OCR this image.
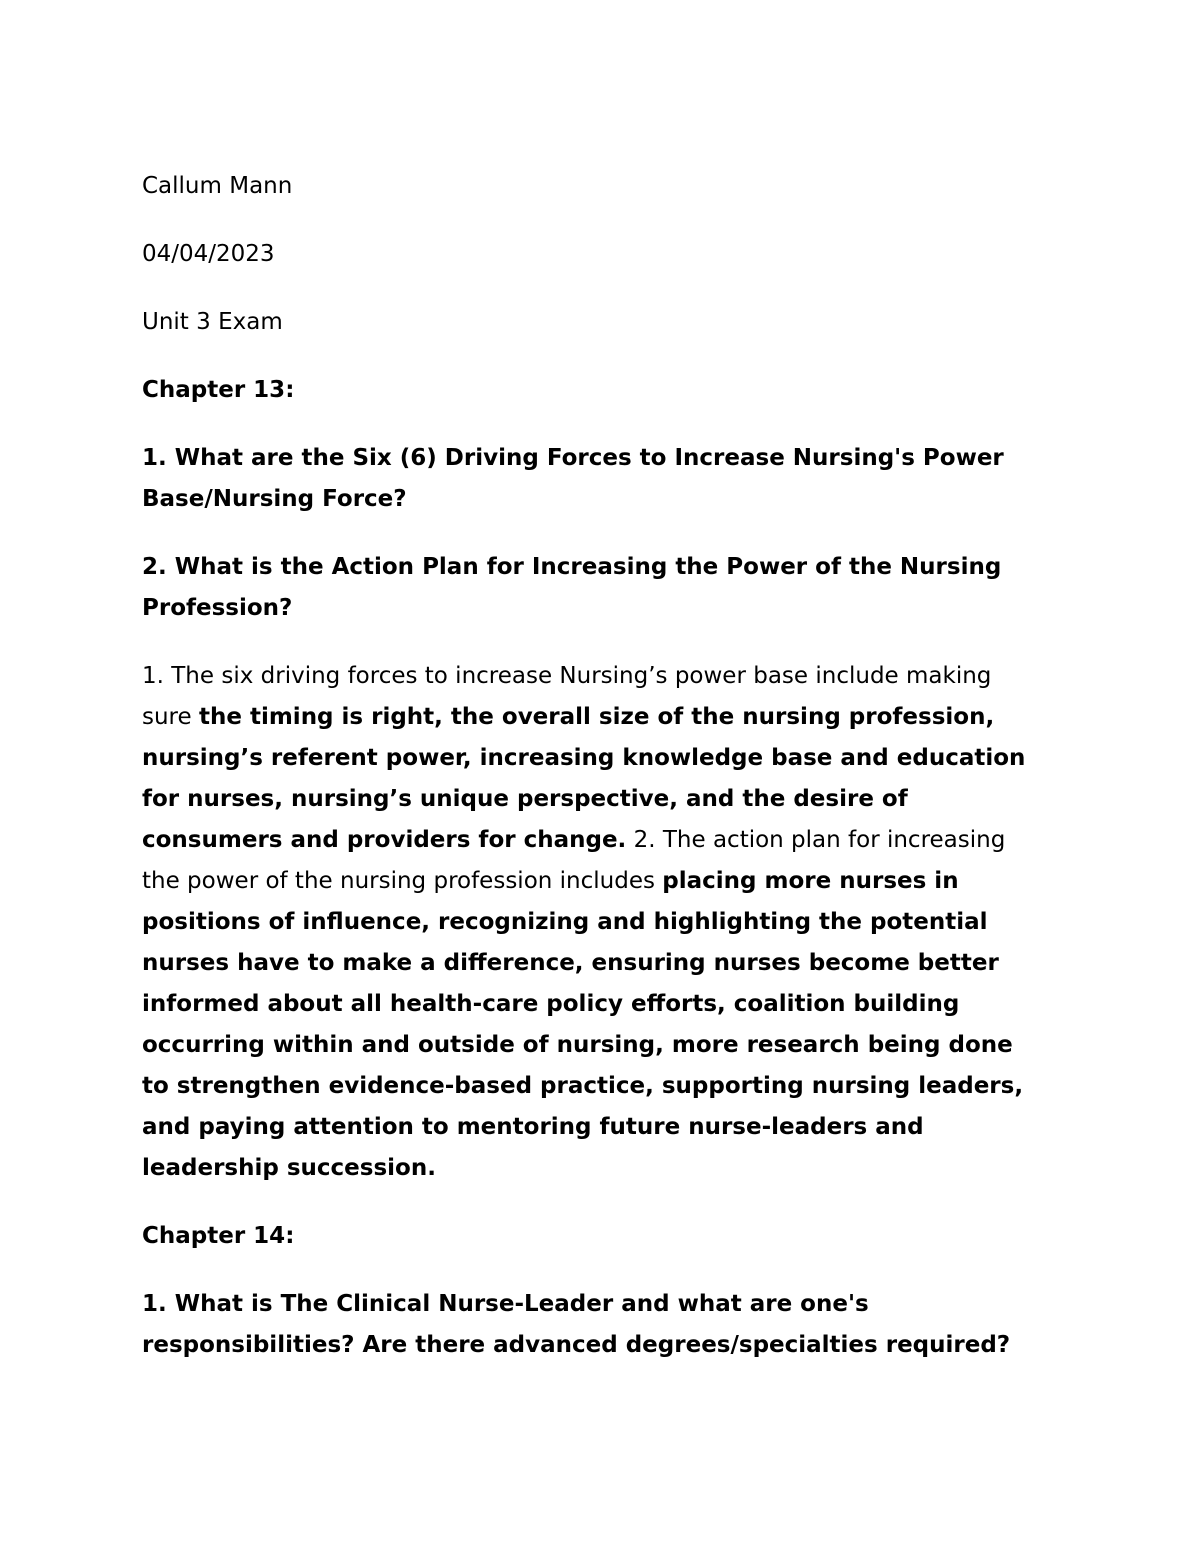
Callum Mann

04/04/2023

Unit 3 Exam

Chapter 13:

1. What are the Six (6) Driving Forces to Increase Nursing's Power

Base/Nursing Force?

2. What is the Action Plan for Increasing the Power of the Nursing

Profession?

1. The six driving forces to increase Nursing’s power base include making

sure the timing is right, the overall size of the nursing profession,

nursing’s referent power, increasing knowledge base and education

for nurses, nursing’s unique perspective, and the desire of

consumers and providers for change. 2. The action plan for increasing

the power of the nursing profession includes placing more nurses in

positions of influence, recognizing and highlighting the potential

nurses have to make a difference, ensuring nurses become better

informed about all health-care policy efforts, coalition building

occurring within and outside of nursing, more research being done

to strengthen evidence-based practice, supporting nursing leaders,

and paying attention to mentoring future nurse-leaders and

leadership succession.

Chapter 14:

1. What is The Clinical Nurse-Leader and what are one's

responsibilities? Are there advanced degrees/specialties required?
